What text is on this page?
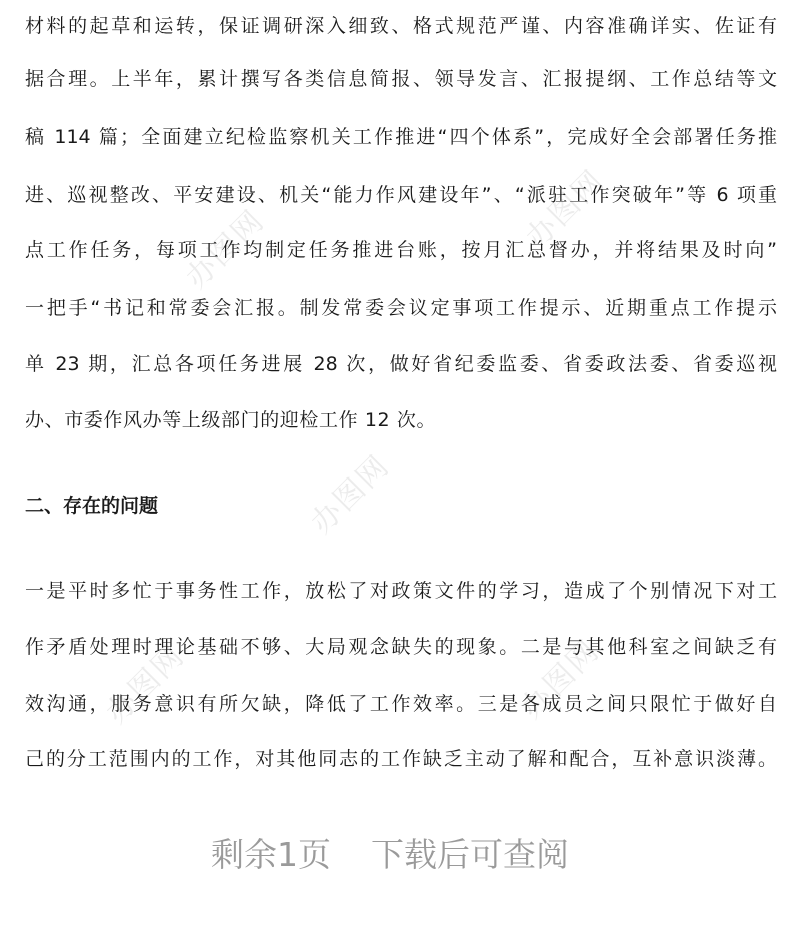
办图网	办图网
办图网
办图网	办图网
材料的起草和运转，保证调研深入细致、格式规范严谨、内容准确详实、佐证有
据合理。上半年，累计撰写各类信息简报、领导发言、汇报提纲、工作总结等文
稿 114 篇；全面建立纪检监察机关工作推进“四个体系”，完成好全会部署任务推
进、巡视整改、平安建设、机关“能力作风建设年”、“派驻工作突破年”等 6 项重
点工作任务，每项工作均制定任务推进台账，按月汇总督办，并将结果及时向”
一把手“书记和常委会汇报。制发常委会议定事项工作提示、近期重点工作提示
单 23 期，汇总各项任务进展 28 次，做好省纪委监委、省委政法委、省委巡视
办、市委作风办等上级部门的迎检工作 12 次。
二、存在的问题
一是平时多忙于事务性工作，放松了对政策文件的学习，造成了个别情况下对工
作矛盾处理时理论基础不够、大局观念缺失的现象。二是与其他科室之间缺乏有
效沟通，服务意识有所欠缺，降低了工作效率。三是各成员之间只限忙于做好自
己的分工范围内的工作，对其他同志的工作缺乏主动了解和配合，互补意识淡薄。
剩余1页 下载后可查阅
